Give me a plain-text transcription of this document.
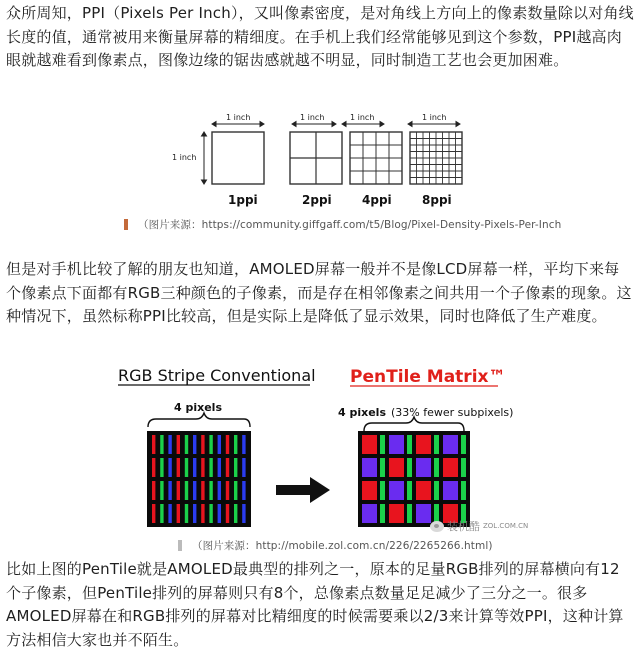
众所周知，PPI（Pixels Per Inch），又叫像素密度，是对角线上方向上的像素数量除以对角线长度的值，通常被用来衡量屏幕的精细度。在手机上我们经常能够见到这个参数，PPI越高肉眼就越难看到像素点，图像边缘的锯齿感就越不明显，同时制造工艺也会更加困难。

1 inch	1 inch	1 inch	1 inch
1 inch
1ppi	2ppi	4ppi	8ppi
（图片来源：https://community.giffgaff.com/t5/Blog/Pixel-Density-Pixels-Per-Inch

但是对手机比较了解的朋友也知道，AMOLED屏幕一般并不是像LCD屏幕一样，平均下来每个像素点下面都有RGB三种颜色的子像素，而是存在相邻像素之间共用一个子像素的现象。这种情况下，虽然标称PPI比较高，但是实际上是降低了显示效果，同时也降低了生产难度。

RGB Stripe Conventional PenTile Matrix™
4 pixels	4 pixels (33% fewer subpixels)
（图片来源：http://mobile.zol.com.cn/226/2265266.html)
装机酷 ZOL.COM.CN

比如上图的PenTile就是AMOLED最典型的排列之一，原本的足量RGB排列的屏幕横向有12个子像素，但PenTile排列的屏幕则只有8个，总像素点数量足足减少了三分之一。很多AMOLED屏幕在和RGB排列的屏幕对比精细度的时候需要乘以2/3来计算等效PPI，这种计算方法相信大家也并不陌生。
